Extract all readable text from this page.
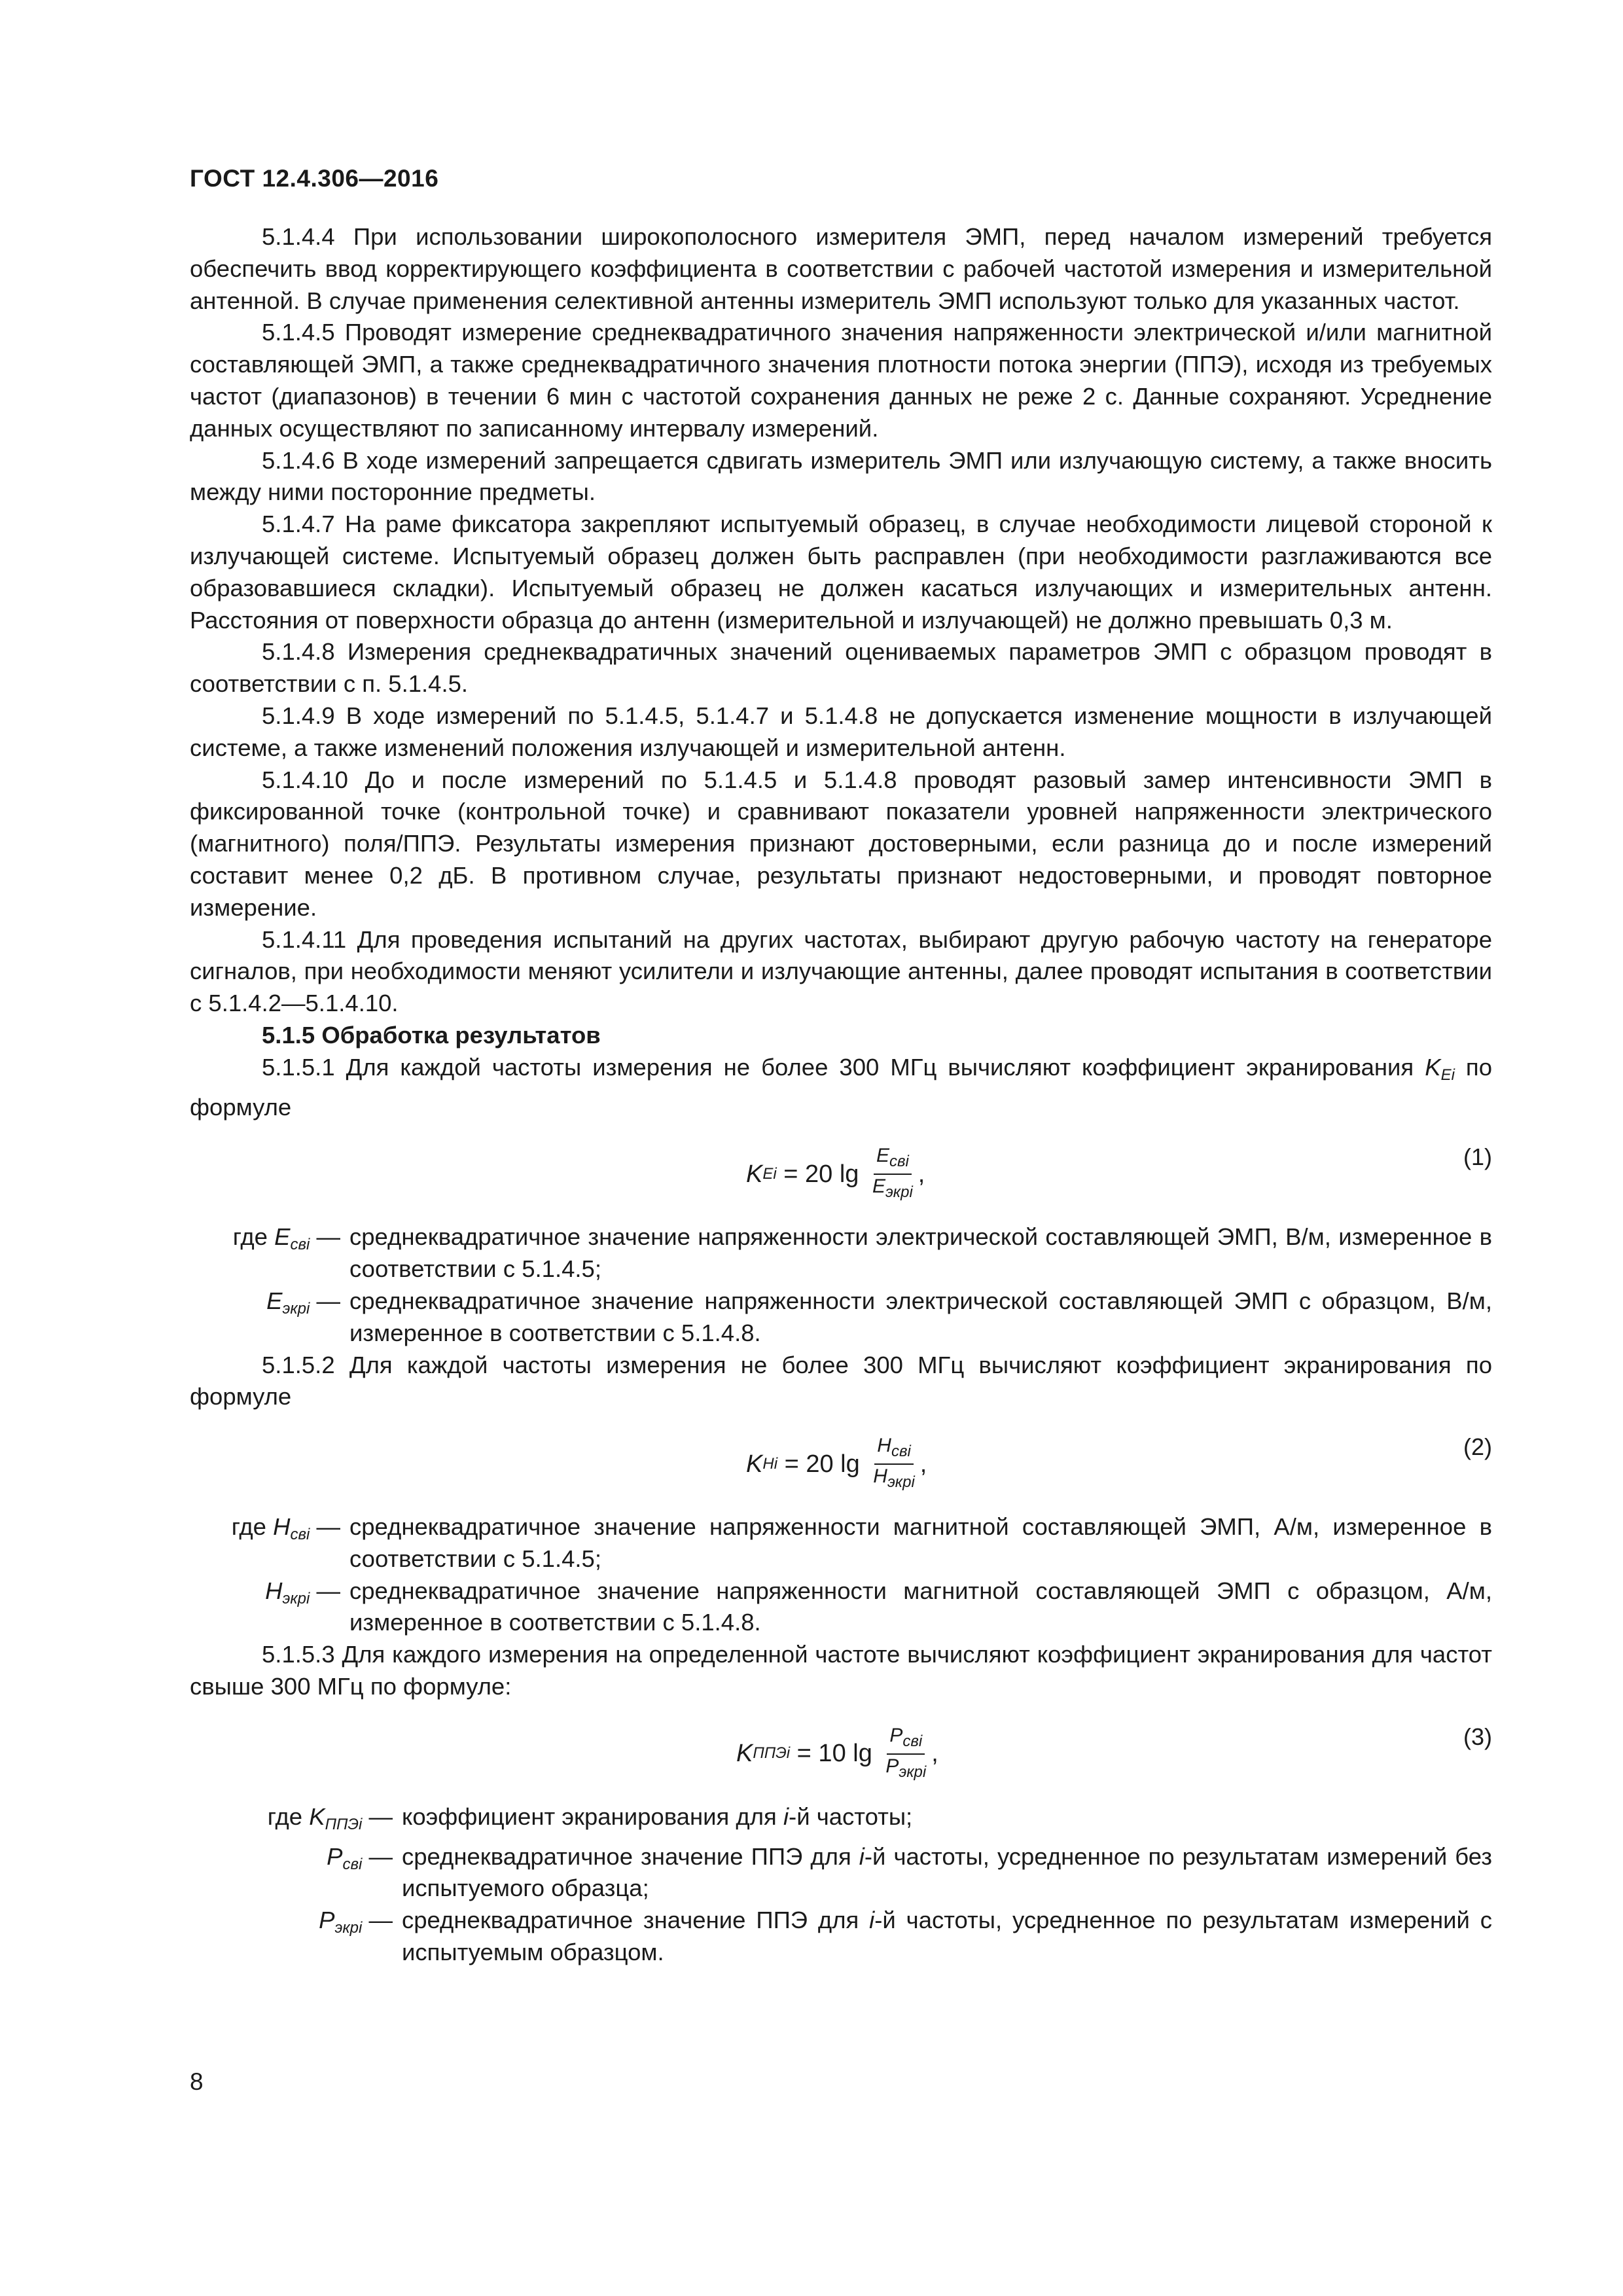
ГОСТ 12.4.306—2016

5.1.4.4 При использовании широкополосного измерителя ЭМП, перед началом измерений требуется обеспечить ввод корректирующего коэффициента в соответствии с рабочей частотой измерения и измерительной антенной. В случае применения селективной антенны измеритель ЭМП используют только для указанных частот.

5.1.4.5 Проводят измерение среднеквадратичного значения напряженности электрической и/или магнитной составляющей ЭМП, а также среднеквадратичного значения плотности потока энергии (ППЭ), исходя из требуемых частот (диапазонов) в течении 6 мин с частотой сохранения данных не реже 2 с. Данные сохраняют. Усреднение данных осуществляют по записанному интервалу измерений.

5.1.4.6 В ходе измерений запрещается сдвигать измеритель ЭМП или излучающую систему, а также вносить между ними посторонние предметы.

5.1.4.7 На раме фиксатора закрепляют испытуемый образец, в случае необходимости лицевой стороной к излучающей системе. Испытуемый образец должен быть расправлен (при необходимости разглаживаются все образовавшиеся складки). Испытуемый образец не должен касаться излучающих и измерительных антенн. Расстояния от поверхности образца до антенн (измерительной и излучающей) не должно превышать 0,3 м.

5.1.4.8 Измерения среднеквадратичных значений оцениваемых параметров ЭМП с образцом проводят в соответствии с п. 5.1.4.5.

5.1.4.9 В ходе измерений по 5.1.4.5, 5.1.4.7 и 5.1.4.8 не допускается изменение мощности в излучающей системе, а также изменений положения излучающей и измерительной антенн.

5.1.4.10 До и после измерений по 5.1.4.5 и 5.1.4.8 проводят разовый замер интенсивности ЭМП в фиксированной точке (контрольной точке) и сравнивают показатели уровней напряженности электрического (магнитного) поля/ППЭ. Результаты измерения признают достоверными, если разница до и после измерений составит менее 0,2 дБ. В противном случае, результаты признают недостоверными, и проводят повторное измерение.

5.1.4.11 Для проведения испытаний на других частотах, выбирают другую рабочую частоту на генераторе сигналов, при необходимости меняют усилители и излучающие антенны, далее проводят испытания в соответствии с 5.1.4.2—5.1.4.10.

5.1.5 Обработка результатов

5.1.5.1 Для каждой частоты измерения не более 300 МГц вычисляют коэффициент экранирования $K_{Ei}$ по формуле

K Ei = 20 $\lg \frac{E_{свi}}{E_{экрi}}$ ,
(1)
где $E_{свi}$ — среднеквадратичное значение напряженности электрической составляющей ЭМП, В/м, измеренное в соответствии с 5.1.4.5;
$E_{экрi}$ — среднеквадратичное значение напряженности электрической составляющей ЭМП с образцом, В/м, измеренное в соответствии с 5.1.4.8.

5.1.5.2 Для каждой частоты измерения не более 300 МГц вычисляют коэффициент экранирования по формуле

K Hi = 20 $\lg \frac{H_{свi}}{H_{экрi}}$ ,
(2)
где $H_{свi}$ — среднеквадратичное значение напряженности магнитной составляющей ЭМП, А/м, измеренное в соответствии с 5.1.4.5;
$H_{экрi}$ — среднеквадратичное значение напряженности магнитной составляющей ЭМП с образцом, А/м, измеренное в соответствии с 5.1.4.8.

5.1.5.3 Для каждого измерения на определенной частоте вычисляют коэффициент экранирования для частот свыше 300 МГц по формуле:

K ППЭi = 10 $\lg \frac{P_{свi}}{P_{экрi}}$ ,
(3)
где $K_{ППЭi}$ — коэффициент экранирования для i-й частоты;
$P_{свi}$ — среднеквадратичное значение ППЭ для i-й частоты, усредненное по результатам измерений без испытуемого образца;
$P_{экрi}$ — среднеквадратичное значение ППЭ для i-й частоты, усредненное по результатам измерений с испытуемым образцом.
8
